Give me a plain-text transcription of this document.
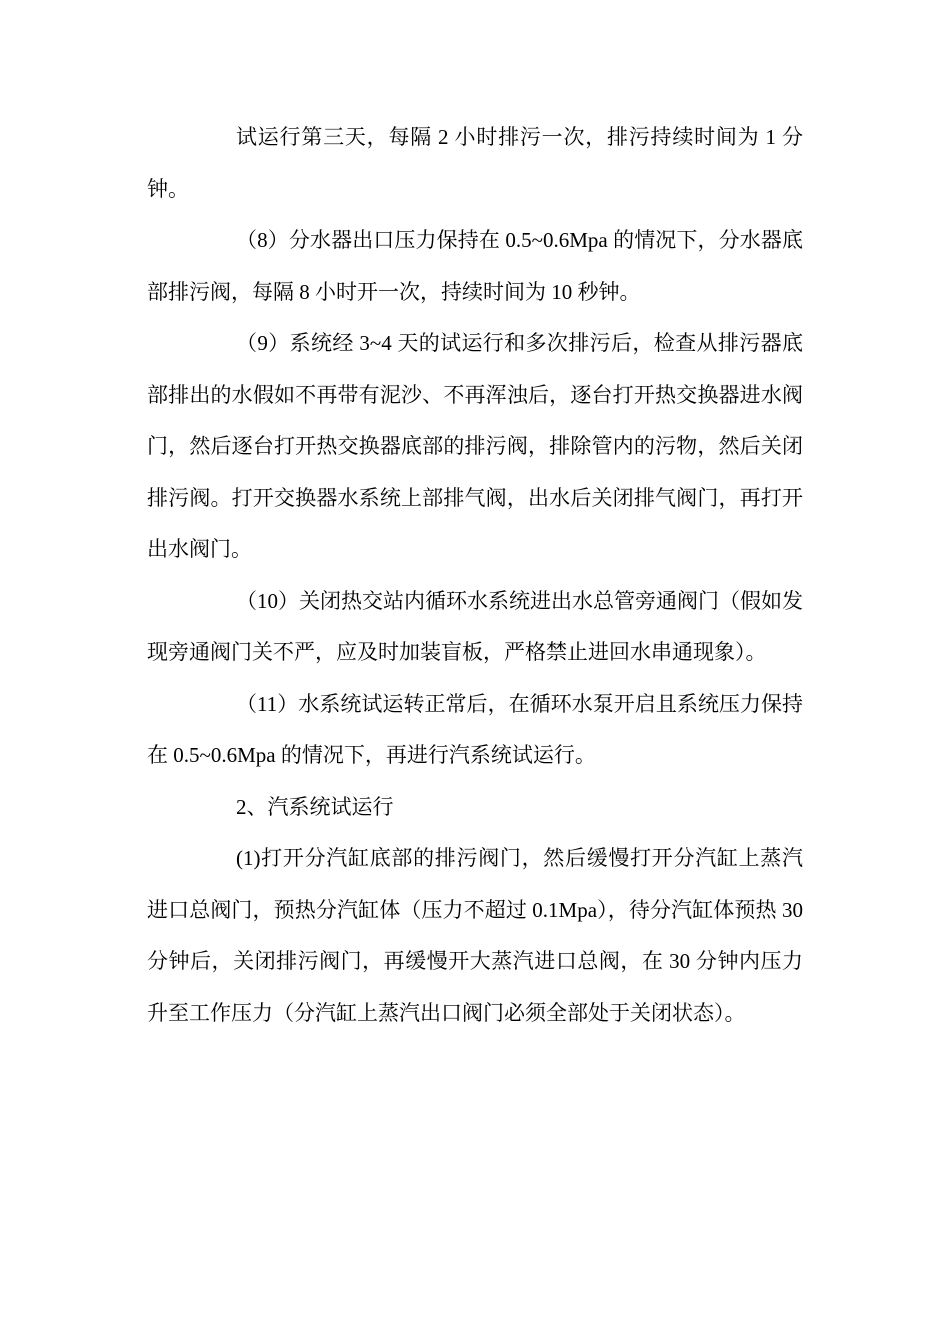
试运行第三天，每隔 2 小时排污一次，排污持续时间为 1 分钟。

（8）分水器出口压力保持在 0.5~0.6Mpa 的情况下，分水器底部排污阀，每隔 8 小时开一次，持续时间为 10 秒钟。

（9）系统经 3~4 天的试运行和多次排污后，检查从排污器底部排出的水假如不再带有泥沙、不再浑浊后，逐台打开热交换器进水阀门，然后逐台打开热交换器底部的排污阀，排除管内的污物，然后关闭排污阀。打开交换器水系统上部排气阀，出水后关闭排气阀门，再打开出水阀门。

（10）关闭热交站内循环水系统进出水总管旁通阀门（假如发现旁通阀门关不严，应及时加装盲板，严格禁止进回水串通现象）。

（11）水系统试运转正常后，在循环水泵开启且系统压力保持在 0.5~0.6Mpa 的情况下，再进行汽系统试运行。

2、汽系统试运行

(1)打开分汽缸底部的排污阀门，然后缓慢打开分汽缸上蒸汽进口总阀门，预热分汽缸体（压力不超过 0.1Mpa），待分汽缸体预热 30 分钟后，关闭排污阀门，再缓慢开大蒸汽进口总阀，在 30 分钟内压力升至工作压力（分汽缸上蒸汽出口阀门必须全部处于关闭状态）。
